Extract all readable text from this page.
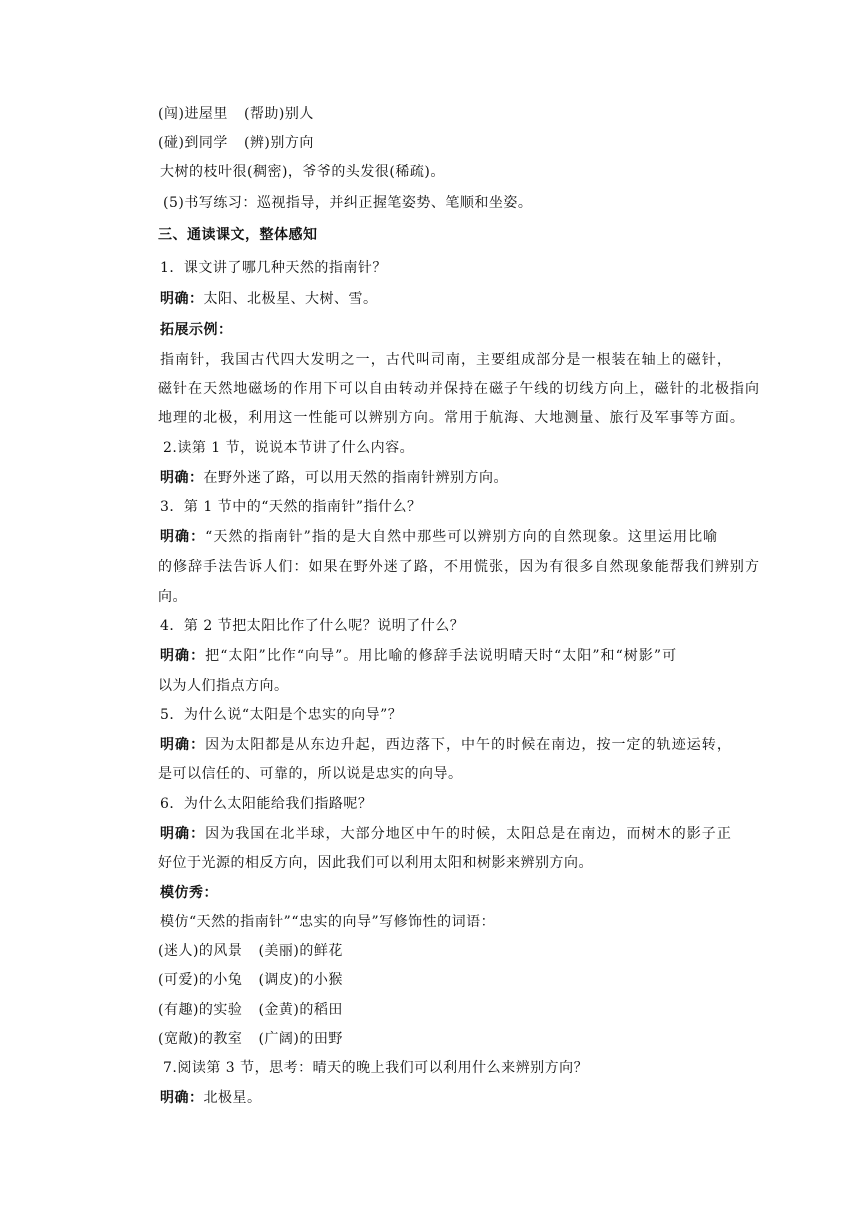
(闯)进屋里 (帮助)别人
(碰)到同学 (辨)别方向
大树的枝叶很(稠密)，爷爷的头发很(稀疏)。
(5)书写练习：巡视指导，并纠正握笔姿势、笔顺和坐姿。
三、通读课文，整体感知
1．课文讲了哪几种天然的指南针？
明确：太阳、北极星、大树、雪。
拓展示例：
指南针，我国古代四大发明之一，古代叫司南，主要组成部分是一根装在轴上的磁针，
磁针在天然地磁场的作用下可以自由转动并保持在磁子午线的切线方向上，磁针的北极指向
地理的北极，利用这一性能可以辨别方向。常用于航海、大地测量、旅行及军事等方面。
2.读第 1 节，说说本节讲了什么内容。
明确：在野外迷了路，可以用天然的指南针辨别方向。
3．第 1 节中的“天然的指南针”指什么？
明确：“天然的指南针”指的是大自然中那些可以辨别方向的自然现象。这里运用比喻
的修辞手法告诉人们：如果在野外迷了路，不用慌张，因为有很多自然现象能帮我们辨别方
向。
4．第 2 节把太阳比作了什么呢？说明了什么？
明确：把“太阳”比作“向导”。用比喻的修辞手法说明晴天时“太阳”和“树影”可
以为人们指点方向。
5．为什么说“太阳是个忠实的向导”？
明确：因为太阳都是从东边升起，西边落下，中午的时候在南边，按一定的轨迹运转，
是可以信任的、可靠的，所以说是忠实的向导。
6．为什么太阳能给我们指路呢？
明确：因为我国在北半球，大部分地区中午的时候，太阳总是在南边，而树木的影子正
好位于光源的相反方向，因此我们可以利用太阳和树影来辨别方向。
模仿秀：
模仿“天然的指南针”“忠实的向导”写修饰性的词语：
(迷人)的风景 (美丽)的鲜花
(可爱)的小兔 (调皮)的小猴
(有趣)的实验 (金黄)的稻田
(宽敞)的教室 (广阔)的田野
7.阅读第 3 节，思考：晴天的晚上我们可以利用什么来辨别方向？
明确：北极星。
